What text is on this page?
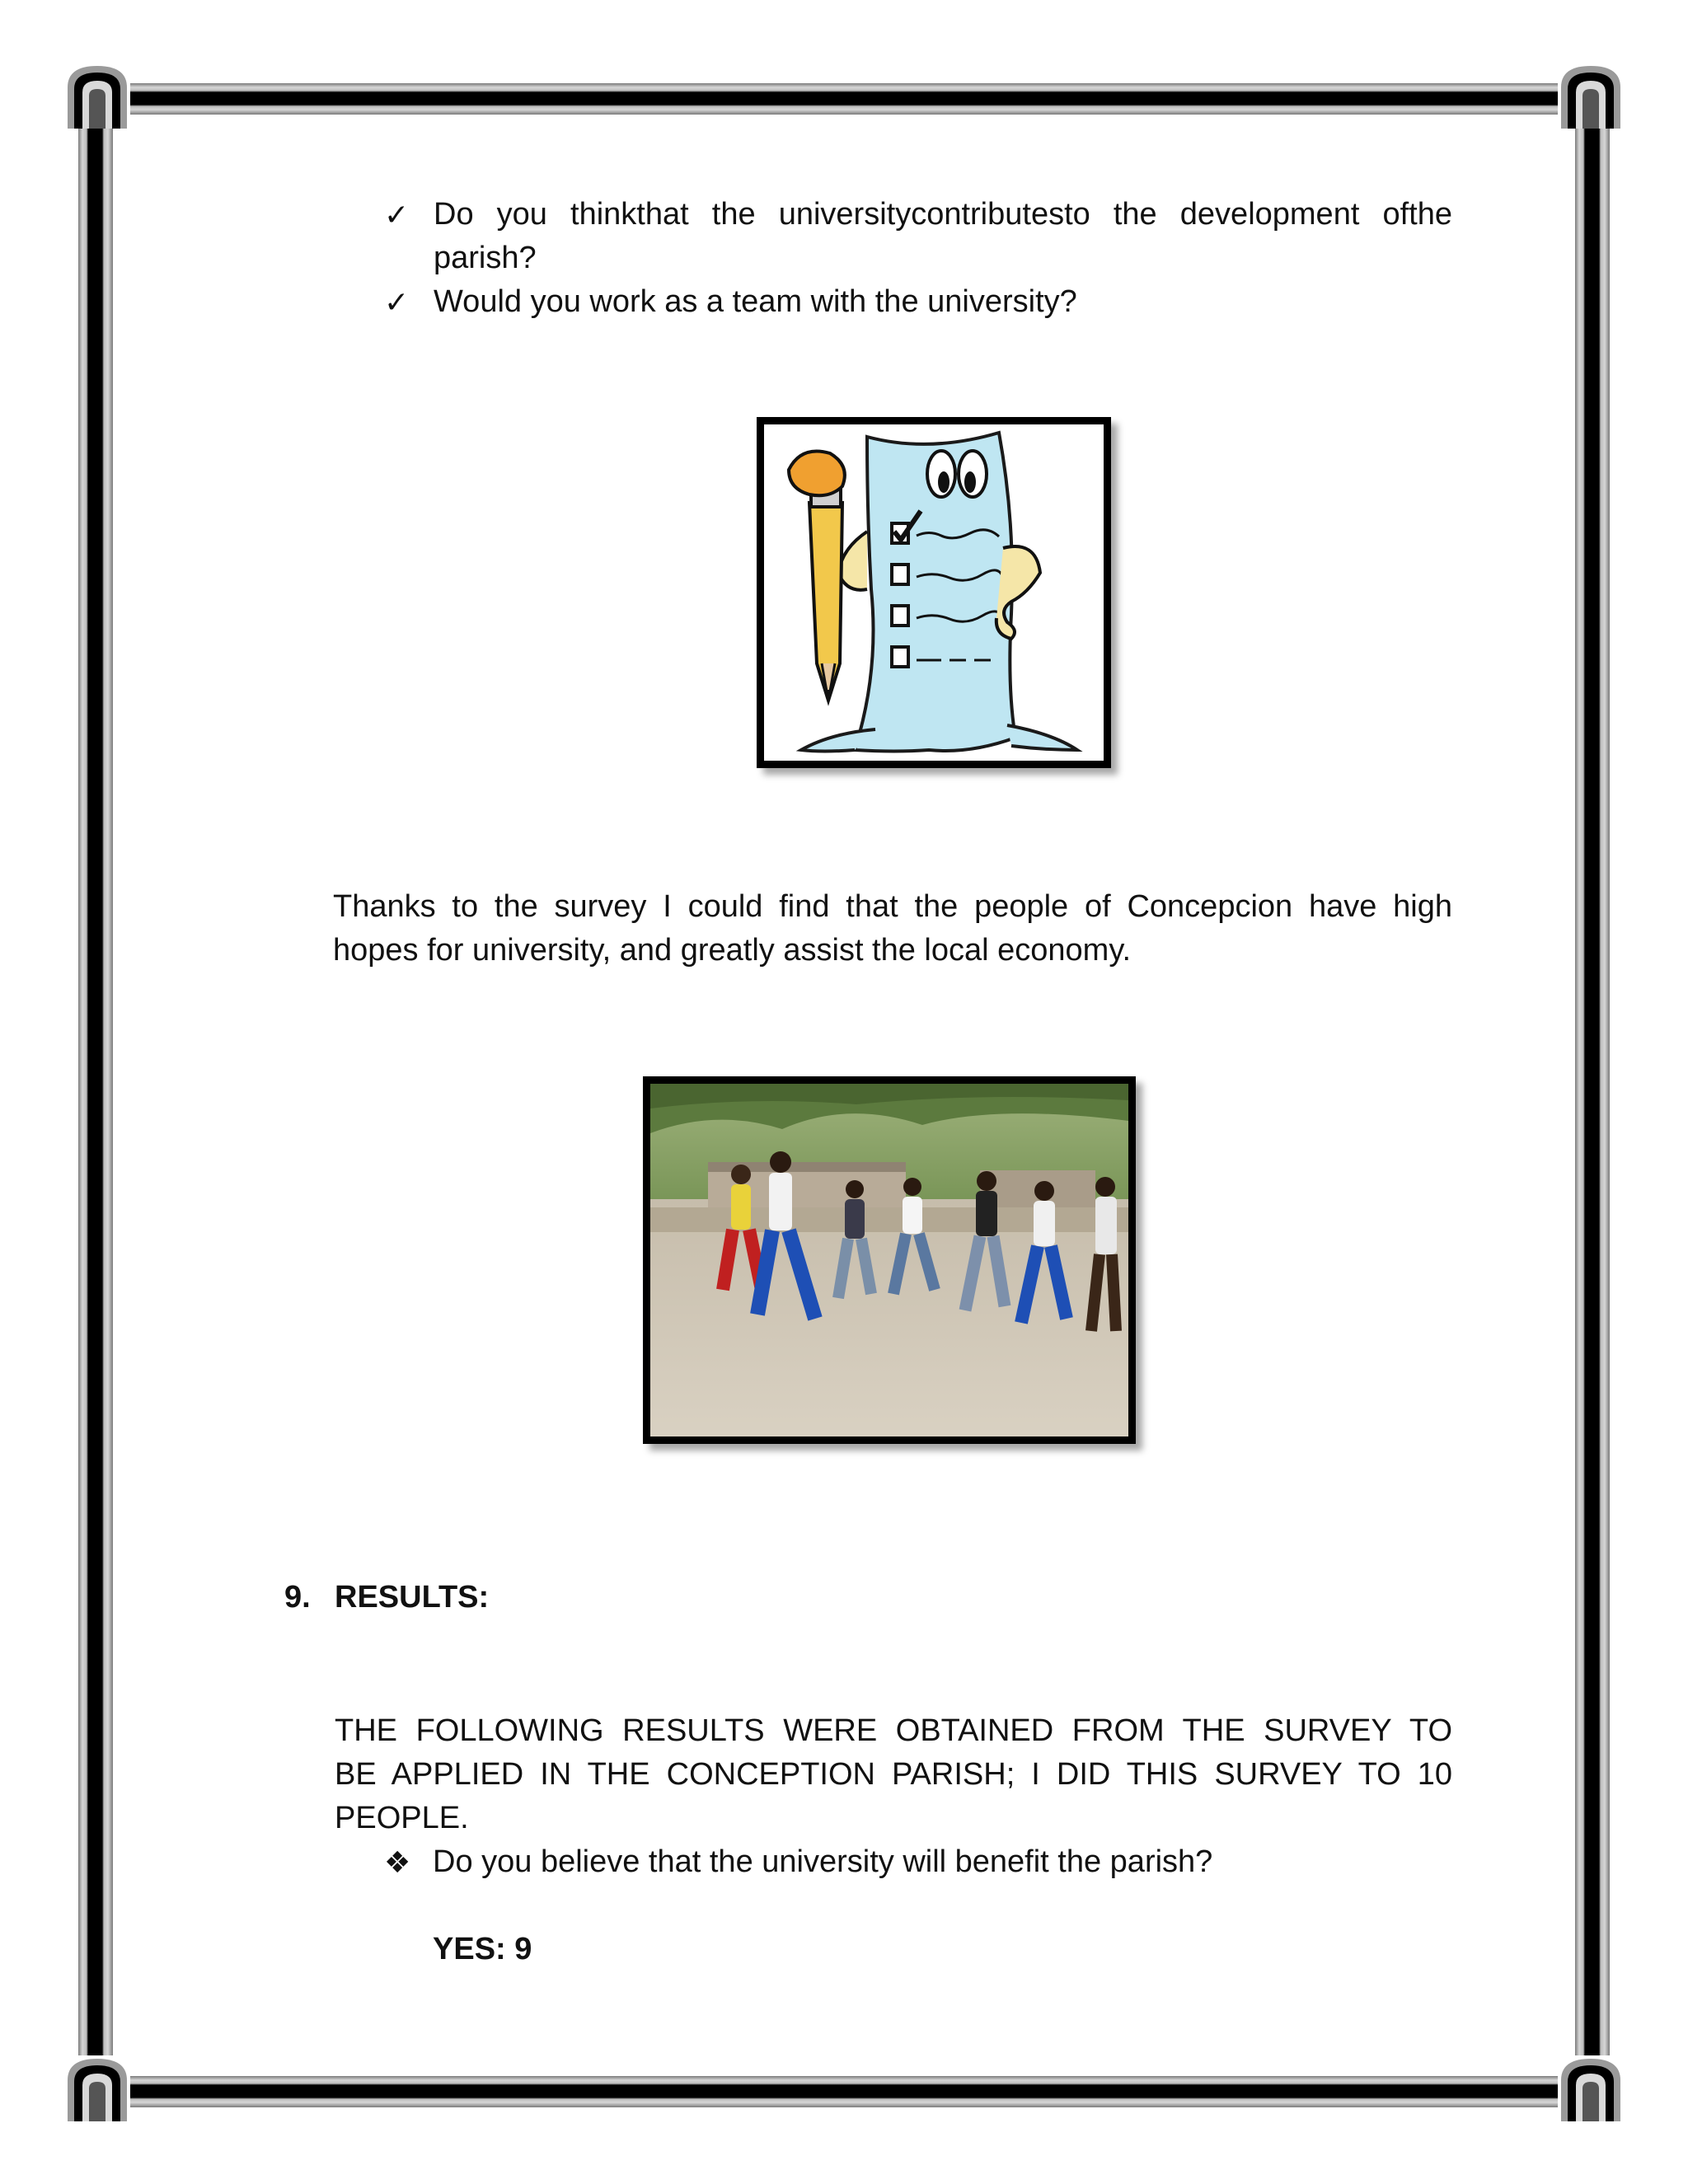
✓ Do you thinkthat the universitycontributesto the development ofthe
parish?
✓ Would you work as a team with the university?
Thanks to the survey I could find that the people of Concepcion have high
hopes for university, and greatly assist the local economy.
9. RESULTS:
THE FOLLOWING RESULTS WERE OBTAINED FROM THE SURVEY TO
BE APPLIED IN THE CONCEPTION PARISH; I DID THIS SURVEY TO 10
PEOPLE.
❖ Do you believe that the university will benefit the parish?
YES: 9
